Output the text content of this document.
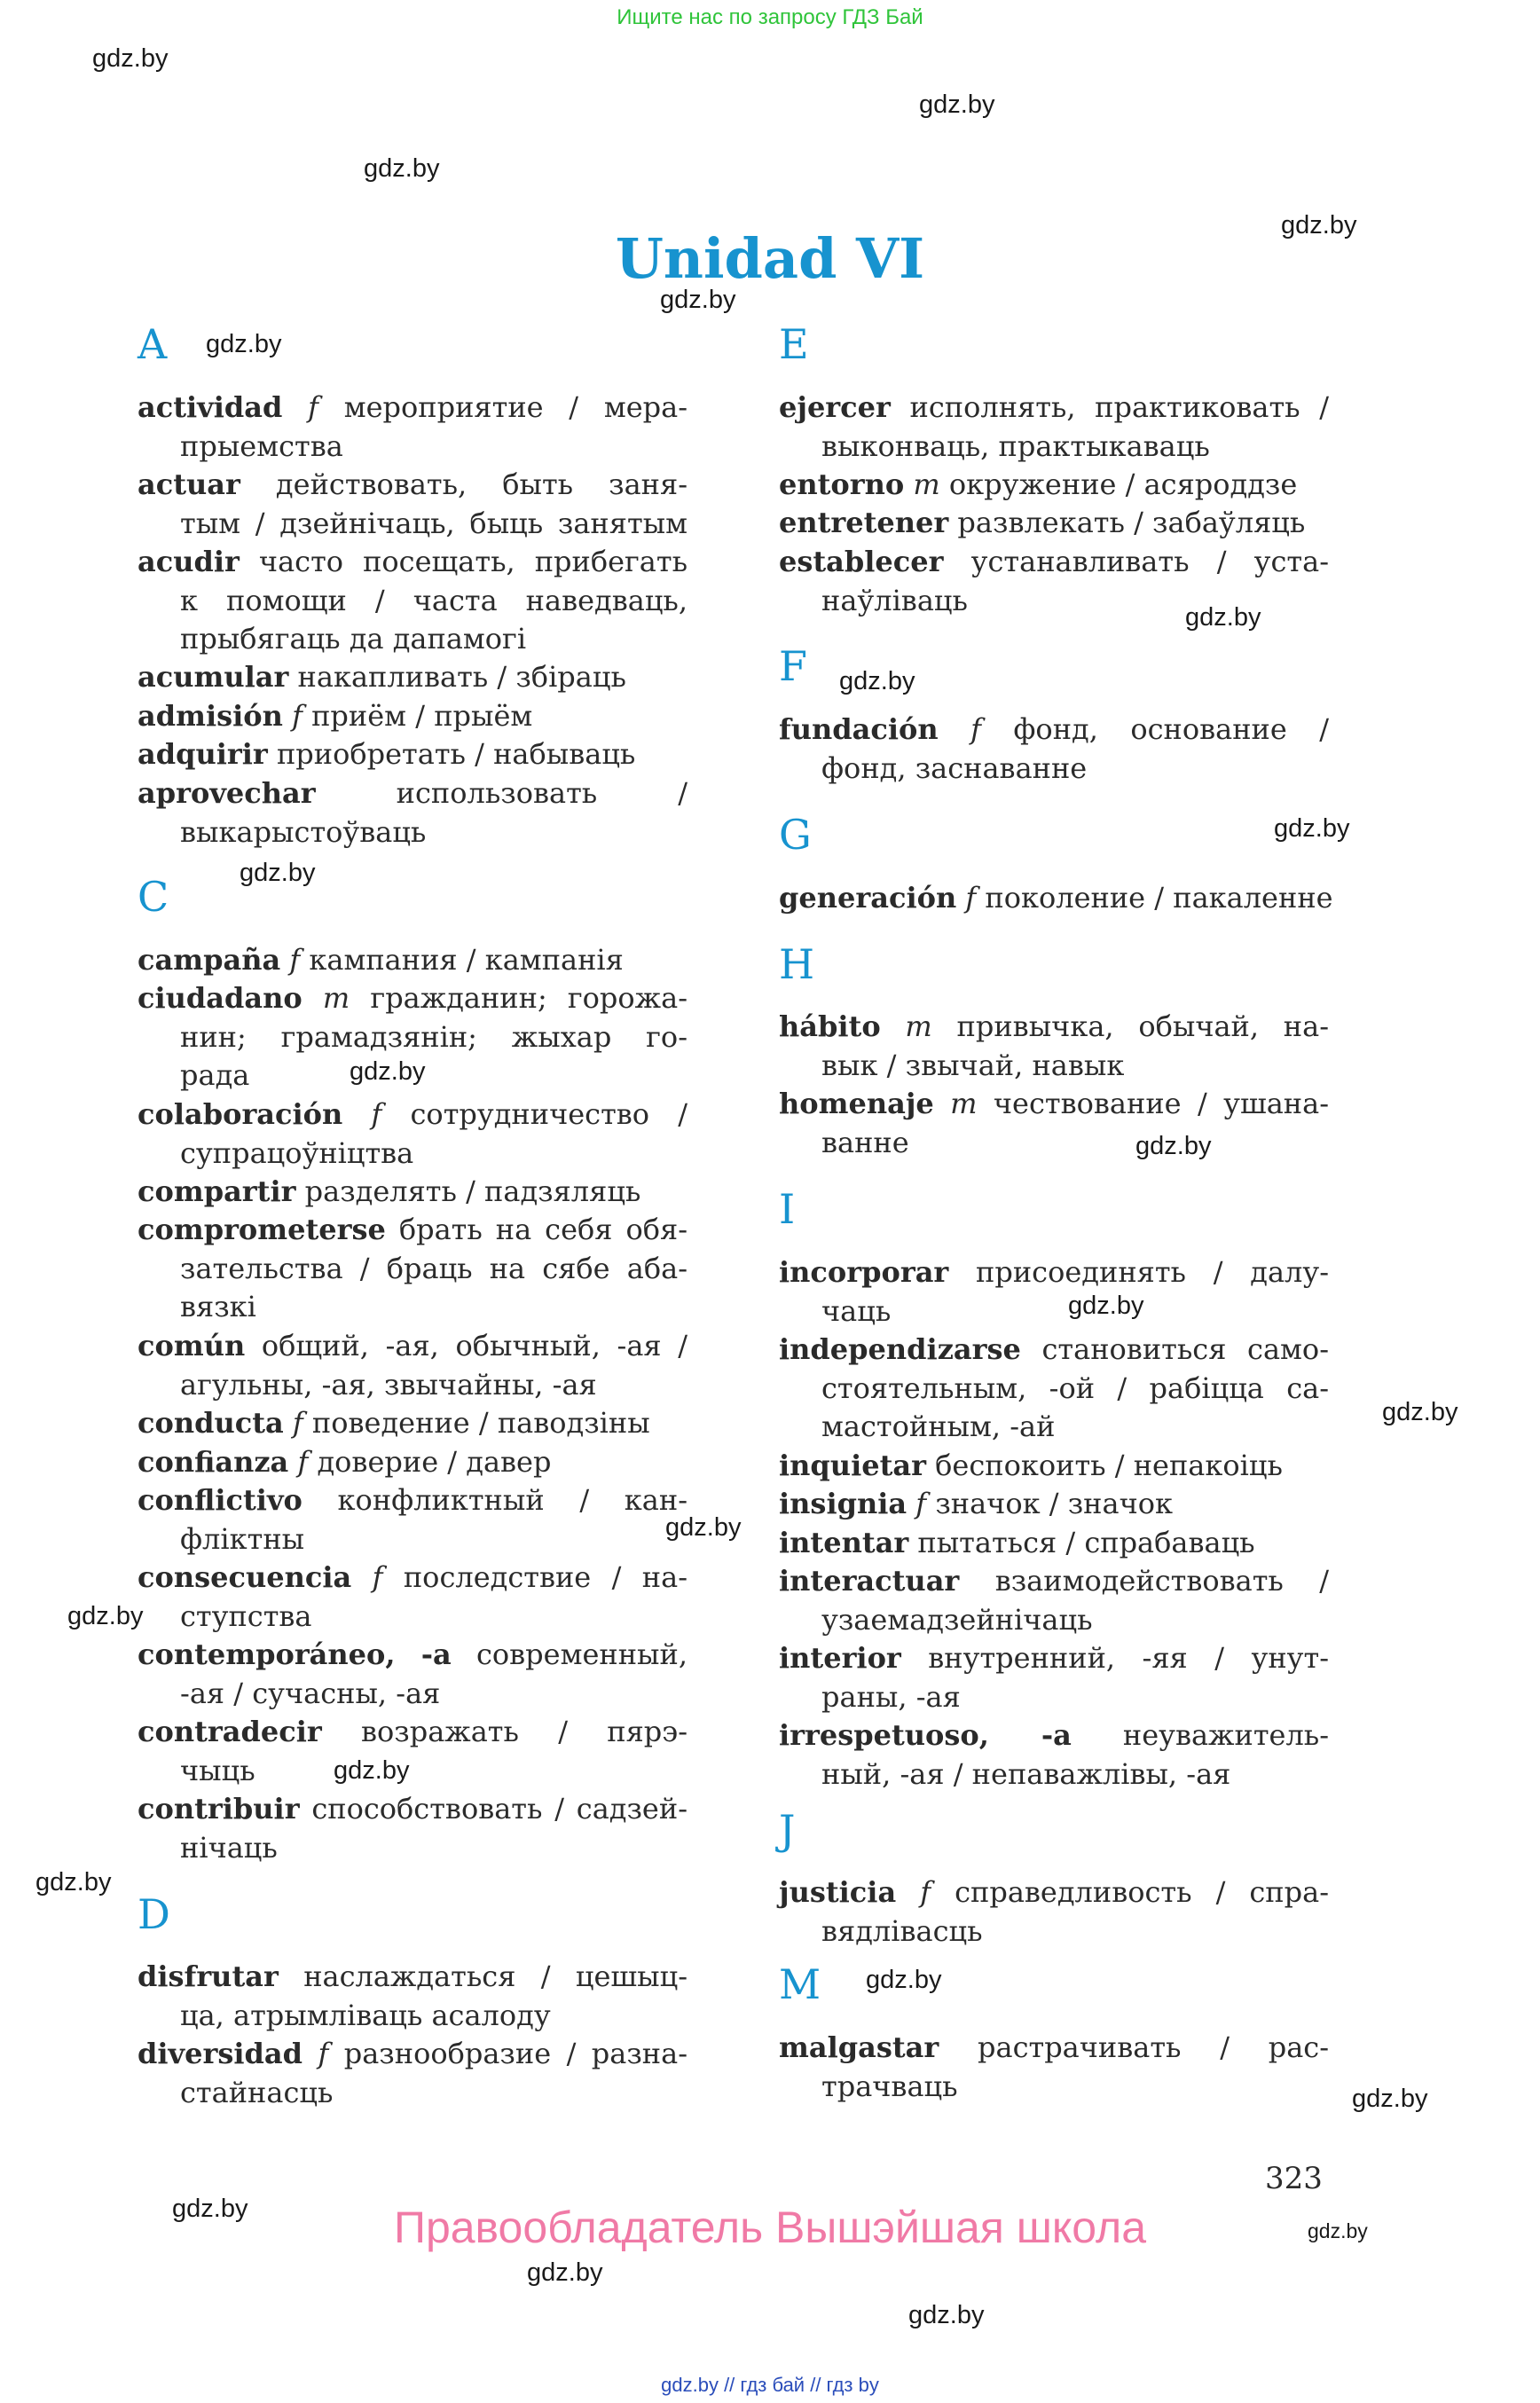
Ищите нас по запросу ГДЗ Бай
gdz.by
gdz.by
gdz.by
gdz.by
gdz.by
gdz.by
gdz.by
gdz.by
gdz.by
gdz.by
gdz.by
gdz.by
gdz.by
gdz.by
gdz.by
gdz.by
gdz.by
gdz.by
gdz.by
gdz.by
gdz.by
gdz.by
gdz.by
gdz.by
Unidad VI
A
actividad f мероприятие / мера-
прыемства
actuar действовать, быть заня-
тым / дзейнічаць, быць занятым
acudir часто посещать, прибегать
к помощи / часта наведваць,
прыбягаць да дапамогі
acumular накапливать / збіраць
admisión f приём / прыём
adquirir приобретать / набываць
aprovechar	использовать /
выкарыстоўваць
C
campaña f кампания / кампанія
ciudadano m гражданин; горожа-
нин; грамадзянін; жыхар го-
рада
colaboración f сотрудничество /
супрацоўніцтва
compartir разделять / падзяляць
comprometerse брать на себя обя-
зательства / браць на сябе аба-
вязкі
común общий, -ая, обычный, -ая /
агульны, -ая, звычайны, -ая
conducta f поведение / паводзіны
confianza f доверие / давер
conflictivo конфликтный / кан-
фліктны
consecuencia f последствие / на-
ступства
contemporáneo, -a современный,
-ая / сучасны, -ая
contradecir возражать / пярэ-
чыць
contribuir способствовать / садзей-
нічаць
D
disfrutar наслаждаться / цешыц-
ца, атрымліваць асалоду
diversidad f разнообразие / разна-
стайнасць
E
ejercer исполнять, практиковать /
выконваць, практыкаваць
entorno m окружение / асяроддзе
entretener развлекать / забаўляць
establecer устанавливать / уста-
наўлiваць
F
fundación f фонд, основание /
фонд, заснаванне
G
generación f поколение / пакаленне
H
hábito m привычка, обычай, на-
вык / звычай, навык
homenaje m чествование / ушана-
ванне
I
incorporar присоединять / далу-
чаць
independizarse становиться само-
стоятельным, -ой / рабіцца са-
мастойным, -ай
inquietar беспокоить / непакоіць
insignia f значок / значок
intentar пытаться / спрабаваць
interactuar взаимодействовать /
узаемадзейнічаць
interior внутренний, -яя / унут-
раны, -ая
irrespetuoso, -a неуважитель-
ный, -ая / непаважлівы, -ая
J
justicia f справедливость / спра-
вядлівасць
M
malgastar растрачивать / рас-
трачваць
323
Правообладатель Вышэйшая школа
gdz.by // гдз бай // гдз by
